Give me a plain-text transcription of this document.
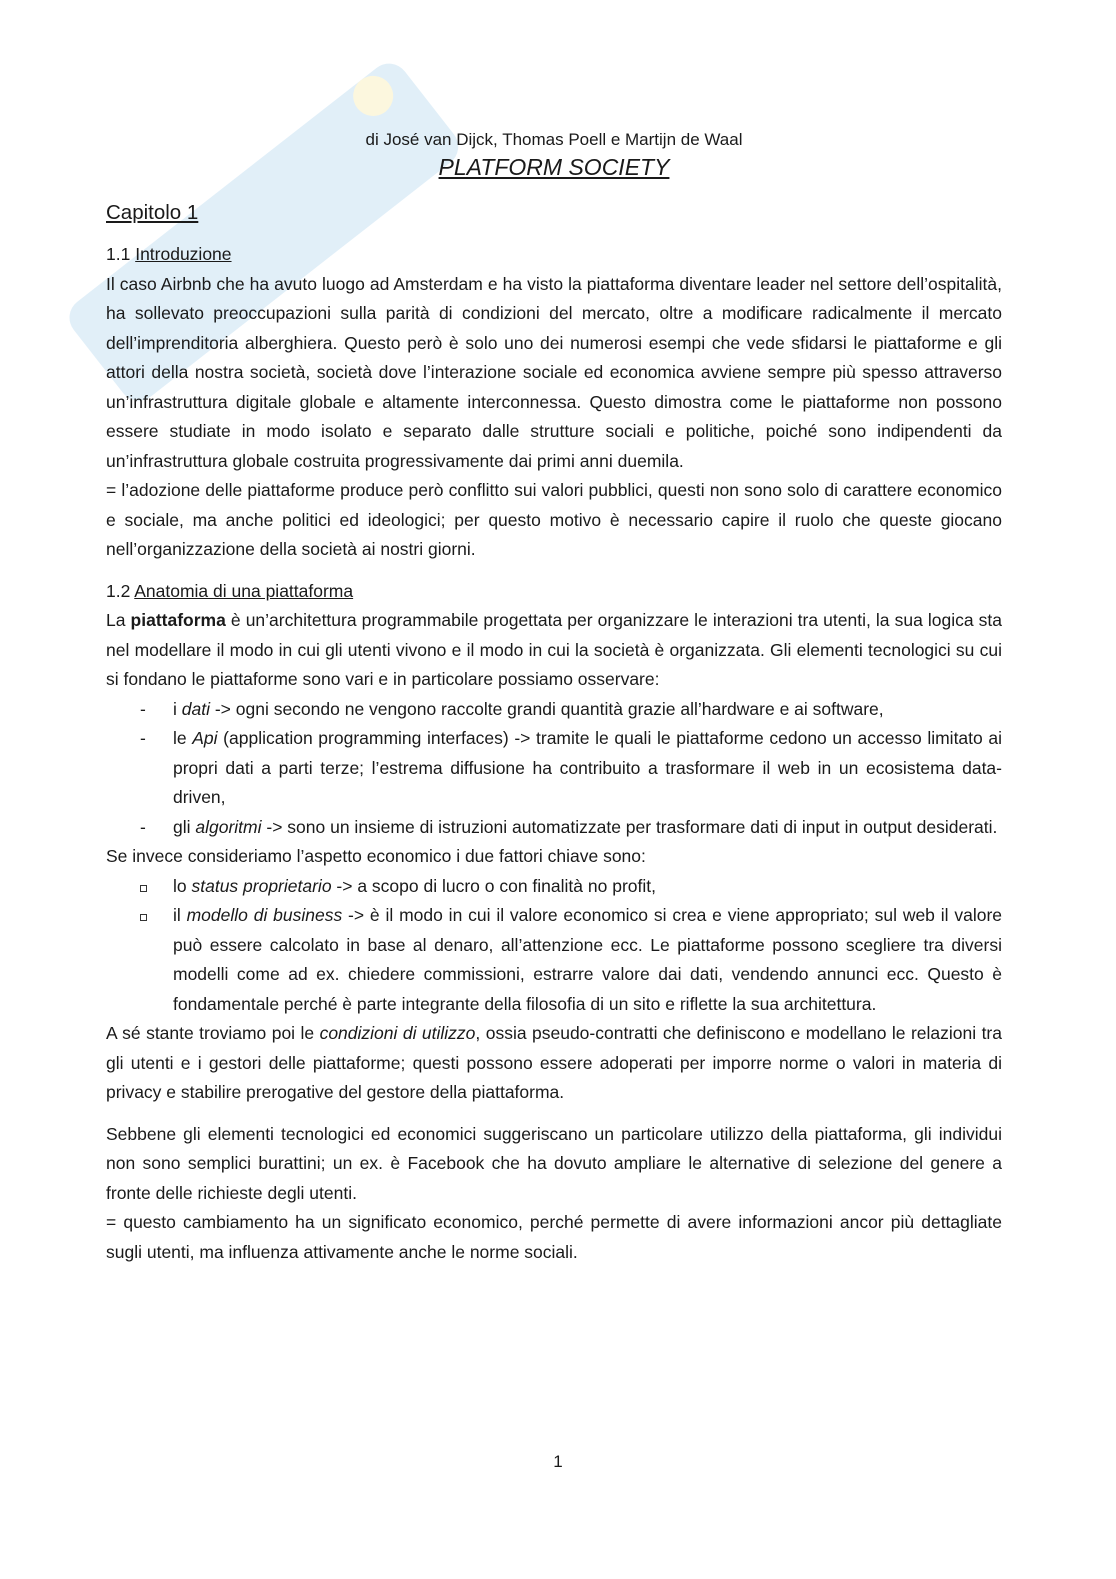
di José van Dijck, Thomas Poell e Martijn de Waal
PLATFORM SOCIETY
Capitolo 1
1.1 Introduzione

Il caso Airbnb che ha avuto luogo ad Amsterdam e ha visto la piattaforma diventare leader nel settore dell’ospitalità, ha sollevato preoccupazioni sulla parità di condizioni del mercato, oltre a modificare radicalmente il mercato dell’imprenditoria alberghiera. Questo però è solo uno dei numerosi esempi che vede sfidarsi le piattaforme e gli attori della nostra società, società dove l’interazione sociale ed economica avviene sempre più spesso attraverso un’infrastruttura digitale globale e altamente interconnessa. Questo dimostra come le piattaforme non possono essere studiate in modo isolato e separato dalle strutture sociali e politiche, poiché sono indipendenti da un’infrastruttura globale costruita progressivamente dai primi anni duemila.

= l’adozione delle piattaforme produce però conflitto sui valori pubblici, questi non sono solo di carattere economico e sociale, ma anche politici ed ideologici; per questo motivo è necessario capire il ruolo che queste giocano nell’organizzazione della società ai nostri giorni.

1.2 Anatomia di una piattaforma

La piattaforma è un’architettura programmabile progettata per organizzare le interazioni tra utenti, la sua logica sta nel modellare il modo in cui gli utenti vivono e il modo in cui la società è organizzata. Gli elementi tecnologici su cui si fondano le piattaforme sono vari e in particolare possiamo osservare:

- i dati -> ogni secondo ne vengono raccolte grandi quantità grazie all’hardware e ai software,
- le Api (application programming interfaces) -> tramite le quali le piattaforme cedono un accesso limitato ai propri dati a parti terze; l’estrema diffusione ha contribuito a trasformare il web in un ecosistema data-driven,
- gli algoritmi -> sono un insieme di istruzioni automatizzate per trasformare dati di input in output desiderati.

Se invece consideriamo l’aspetto economico i due fattori chiave sono:

lo status proprietario -> a scopo di lucro o con finalità no profit,
il modello di business -> è il modo in cui il valore economico si crea e viene appropriato; sul web il valore può essere calcolato in base al denaro, all’attenzione ecc. Le piattaforme possono scegliere tra diversi modelli come ad ex. chiedere commissioni, estrarre valore dai dati, vendendo annunci ecc. Questo è fondamentale perché è parte integrante della filosofia di un sito e riflette la sua architettura.

A sé stante troviamo poi le condizioni di utilizzo, ossia pseudo-contratti che definiscono e modellano le relazioni tra gli utenti e i gestori delle piattaforme; questi possono essere adoperati per imporre norme o valori in materia di privacy e stabilire prerogative del gestore della piattaforma.

Sebbene gli elementi tecnologici ed economici suggeriscano un particolare utilizzo della piattaforma, gli individui non sono semplici burattini; un ex. è Facebook che ha dovuto ampliare le alternative di selezione del genere a fronte delle richieste degli utenti.

= questo cambiamento ha un significato economico, perché permette di avere informazioni ancor più dettagliate sugli utenti, ma influenza attivamente anche le norme sociali.

1
